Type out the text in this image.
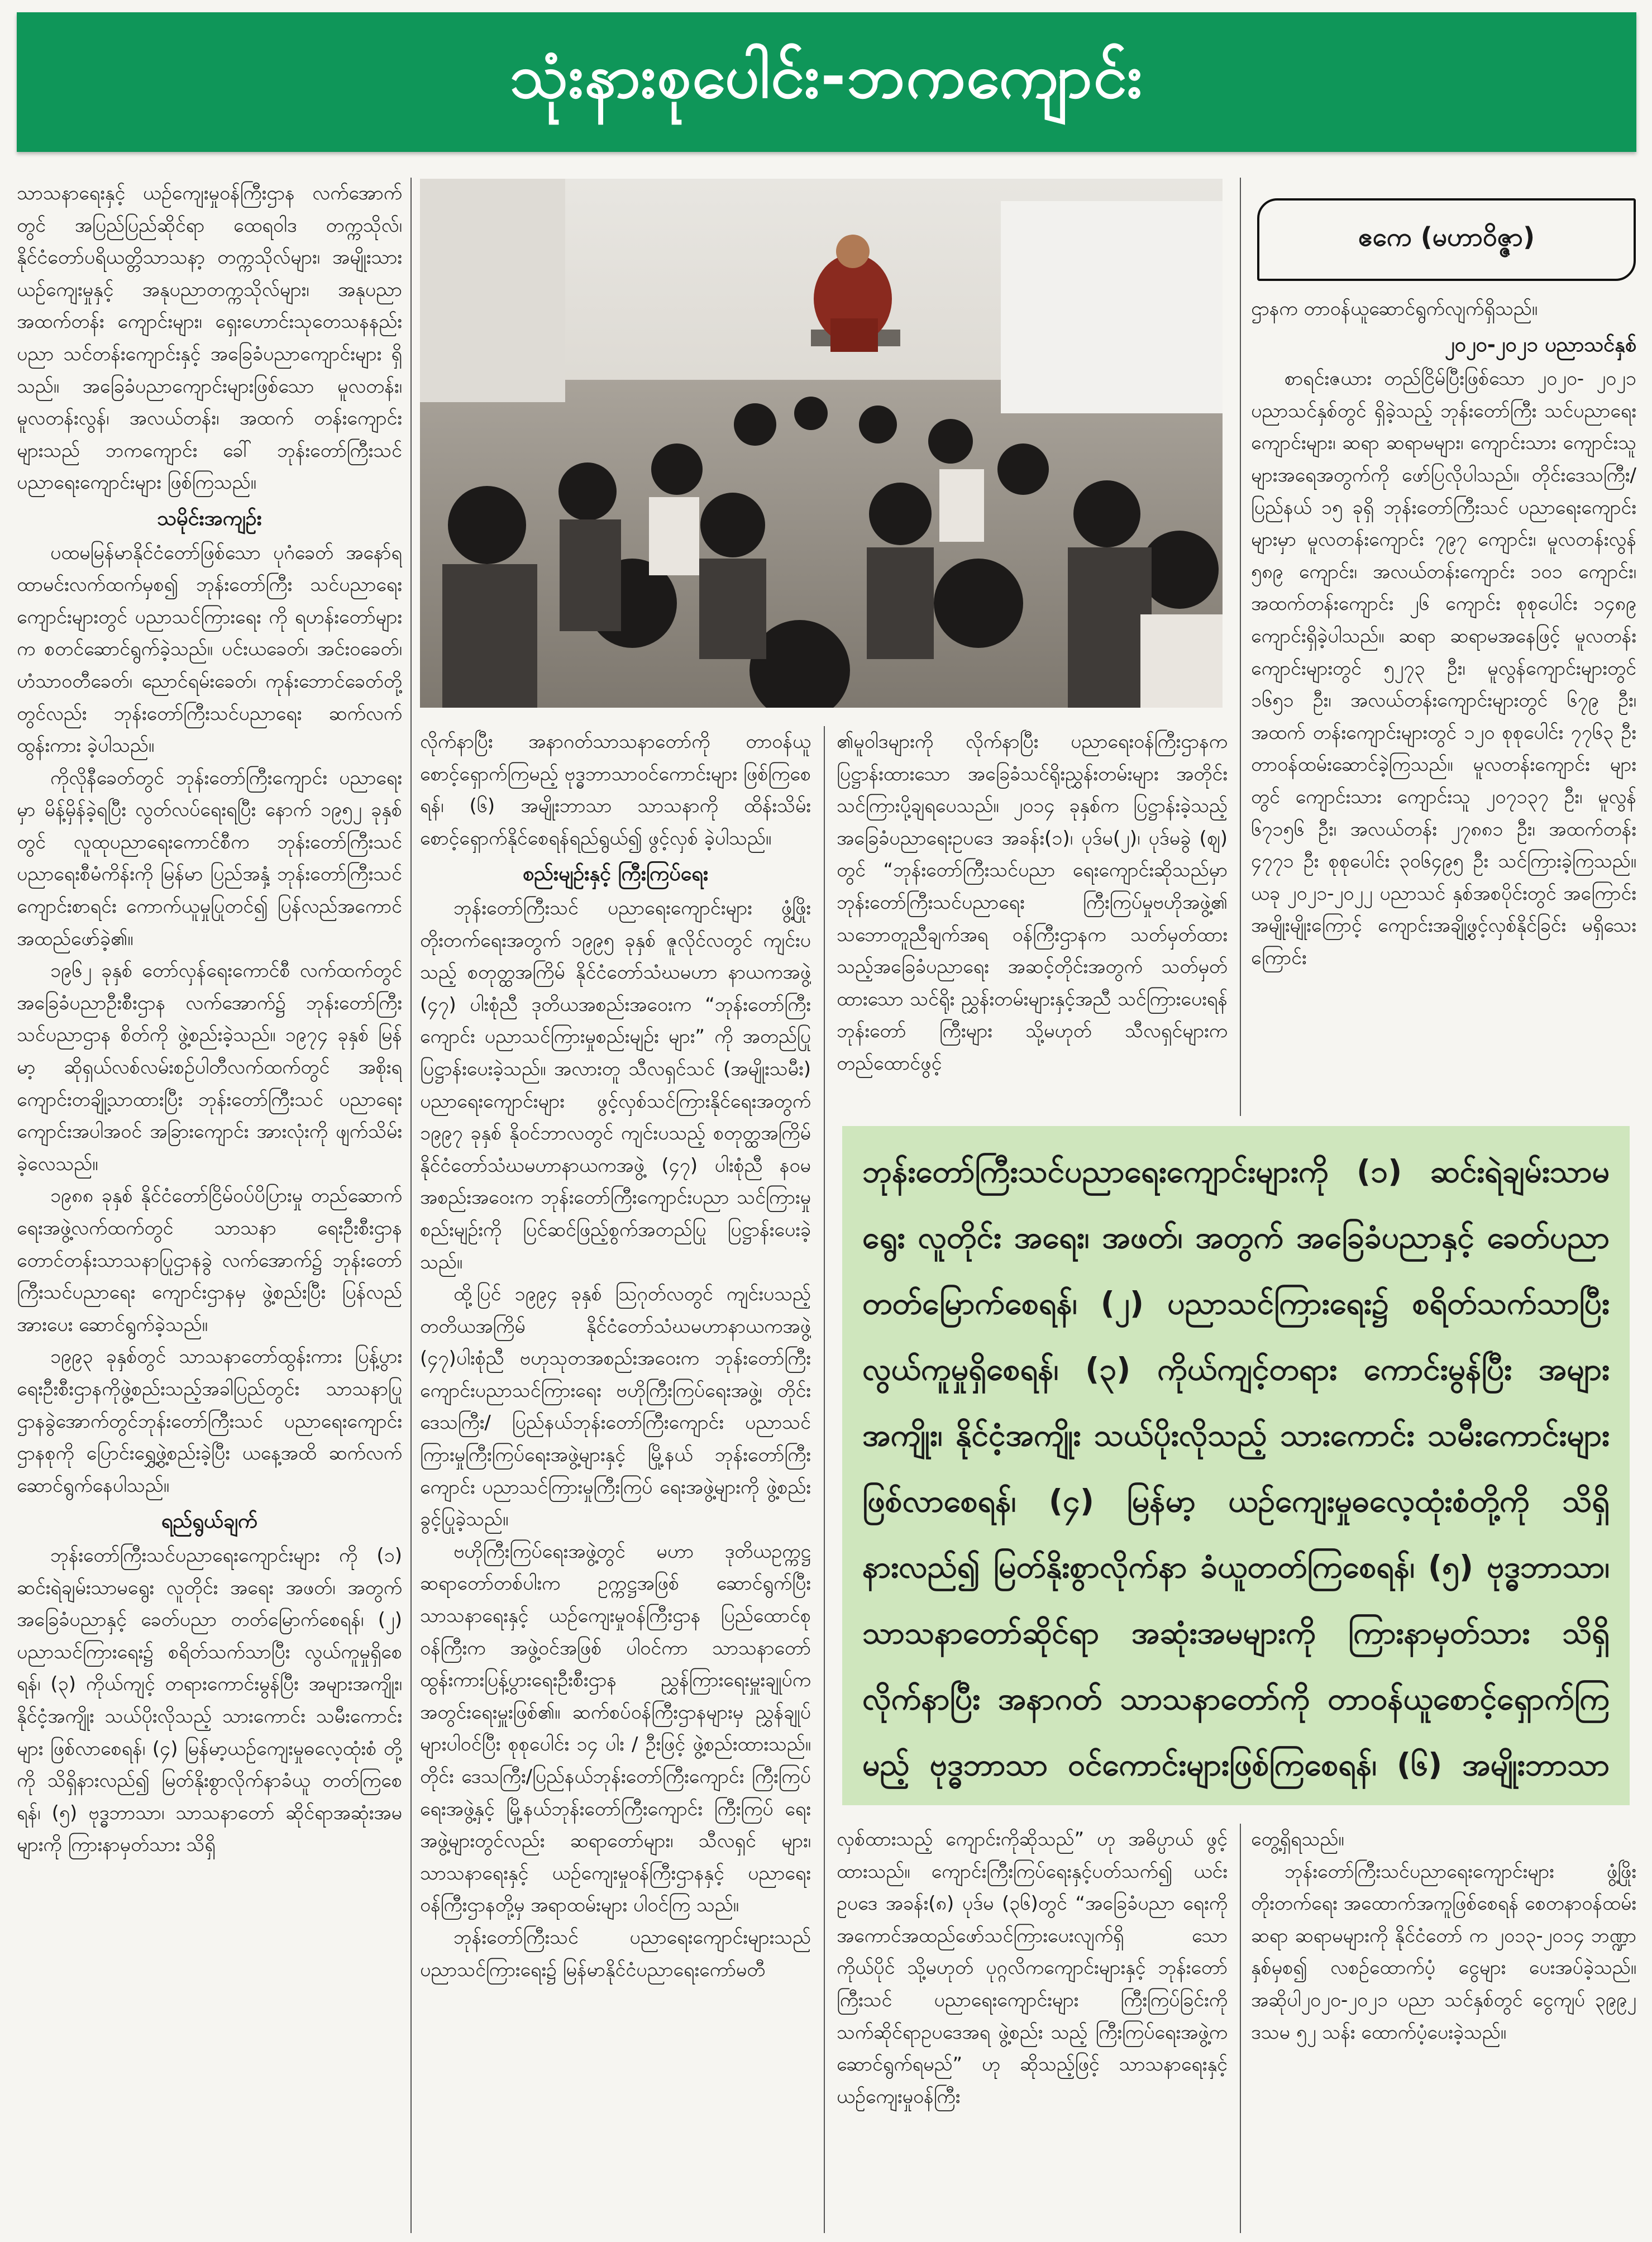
သုံးနားစုပေါင်း-ဘကကျောင်း

သာသနာရေးနှင့် ယဉ်ကျေးမှုဝန်ကြီးဌာန လက်အောက်တွင် အပြည်ပြည်ဆိုင်ရာ ထေရဝါဒ တက္ကသိုလ်၊ နိုင်ငံတော်ပရိယတ္တိသာသနာ့ တက္ကသိုလ်များ၊ အမျိုးသားယဉ်ကျေးမှုနှင့် အနုပညာတက္ကသိုလ်များ၊ အနုပညာအထက်တန်း ကျောင်းများ၊ ရှေးဟောင်းသုတေသနနည်းပညာ သင်တန်းကျောင်းနှင့် အခြေခံပညာကျောင်းများ ရှိသည်။ အခြေခံပညာကျောင်းများဖြစ်သော မူလတန်း၊ မူလတန်းလွန်၊ အလယ်တန်း၊ အထက် တန်းကျောင်းများသည် ဘကကျောင်း ခေါ် ဘုန်းတော်ကြီးသင် ပညာရေးကျောင်းများ ဖြစ်ကြသည်။

သမိုင်းအကျဉ်း

ပထမမြန်မာနိုင်ငံတော်ဖြစ်သော ပုဂံခေတ် အနော်ရထာမင်းလက်ထက်မှစ၍ ဘုန်းတော်ကြီး သင်ပညာရေးကျောင်းများတွင် ပညာသင်ကြားရေး ကို ရဟန်းတော်များက စတင်ဆောင်ရွက်ခဲ့သည်။ ပင်းယခေတ်၊ အင်းဝခေတ်၊ ဟံသာဝတီခေတ်၊ ညောင်ရမ်းခေတ်၊ ကုန်းဘောင်ခေတ်တို့တွင်လည်း ဘုန်းတော်ကြီးသင်ပညာရေး ဆက်လက်ထွန်းကား ခဲ့ပါသည်။

ကိုလိုနီခေတ်တွင် ဘုန်းတော်ကြီးကျောင်း ပညာရေးမှာ မိန့်မှိန်ခဲ့ရပြီး လွတ်လပ်ရေးရပြီး နောက် ၁၉၅၂ ခုနှစ်တွင် လူထုပညာရေးကောင်စီက ဘုန်းတော်ကြီးသင်ပညာရေးစီမံကိန်းကို မြန်မာ ပြည်အနှံ့ ဘုန်းတော်ကြီးသင်ကျောင်းစာရင်း ကောက်ယူမှုပြုတင်၍ ပြန်လည်အကောင် အထည်ဖော်ခဲ့၏။

၁၉၆၂ ခုနှစ် တော်လှန်ရေးကောင်စီ လက်ထက်တွင် အခြေခံပညာဦးစီးဌာန လက်အောက်၌ ဘုန်းတော်ကြီးသင်ပညာဌာန စိတ်ကို ဖွဲ့စည်းခဲ့သည်။ ၁၉၇၄ ခုနှစ် မြန်မာ့ ဆိုရှယ်လစ်လမ်းစဉ်ပါတီလက်ထက်တွင် အစိုးရ ကျောင်းတချို့သာထားပြီး ဘုန်းတော်ကြီးသင် ပညာရေးကျောင်းအပါအဝင် အခြားကျောင်း အားလုံးကို ဖျက်သိမ်းခဲ့လေသည်။

၁၉၈၈ ခုနှစ် နိုင်ငံတော်ငြိမ်ဝပ်ပိပြားမှု တည်ဆောက်ရေးအဖွဲ့လက်ထက်တွင် သာသနာ ရေးဦးစီးဌာန တောင်တန်းသာသနာပြုဌာနခွဲ လက်အောက်၌ ဘုန်းတော်ကြီးသင်ပညာရေး ကျောင်းဌာနမှ ဖွဲ့စည်းပြီး ပြန်လည်အားပေး ဆောင်ရွက်ခဲ့သည်။

၁၉၉၃ ခုနှစ်တွင် သာသနာတော်ထွန်းကား ပြန့်ပွားရေးဦးစီးဌာနကိုဖွဲ့စည်းသည့်အခါပြည်တွင်း သာသနာပြုဌာနခွဲအောက်တွင်ဘုန်းတော်ကြီးသင် ပညာရေးကျောင်းဌာနစုကို ပြောင်းရွှေ့ဖွဲ့စည်းခဲ့ပြီး ယနေ့အထိ ဆက်လက်ဆောင်ရွက်နေပါသည်။

ရည်ရွယ်ချက်

ဘုန်းတော်ကြီးသင်ပညာရေးကျောင်းများ ကို (၁) ဆင်းရဲချမ်းသာမရွေး လူတိုင်း အရေး အဖတ်၊ အတွက် အခြေခံပညာနှင့် ခေတ်ပညာ တတ်မြောက်စေရန်၊ (၂) ပညာသင်ကြားရေး၌ စရိတ်သက်သာပြီး လွယ်ကူမှုရှိစေရန်၊ (၃) ကိုယ်ကျင့် တရားကောင်းမွန်ပြီး အများအကျိုး၊ နိုင်ငံ့အကျိုး သယ်ပိုးလိုသည့် သားကောင်း သမီးကောင်းများ ဖြစ်လာစေရန်၊ (၄) မြန်မာ့ယဉ်ကျေးမှုဓလေ့ထုံးစံ တို့ကို သိရှိနားလည်၍ မြတ်နိုးစွာလိုက်နာခံယူ တတ်ကြစေရန်၊ (၅) ဗုဒ္ဓဘာသာ၊ သာသနာတော် ဆိုင်ရာအဆုံးအမများကို ကြားနာမှတ်သား သိရှိ

လိုက်နာပြီး အနာဂတ်သာသနာတော်ကို တာဝန်ယူ စောင့်ရှောက်ကြမည့် ဗုဒ္ဓဘာသာဝင်ကောင်းများ ဖြစ်ကြစေရန်၊ (၆) အမျိုးဘာသာ သာသနာကို ထိန်းသိမ်း စောင့်ရှောက်နိုင်စေရန်ရည်ရွယ်၍ ဖွင့်လှစ် ခဲ့ပါသည်။

စည်းမျဉ်းနှင့် ကြီးကြပ်ရေး

ဘုန်းတော်ကြီးသင် ပညာရေးကျောင်းများ ဖွံ့ဖြိုးတိုးတက်ရေးအတွက် ၁၉၉၅ ခုနှစ် ဇူလိုင်လတွင် ကျင်းပသည့် စတုတ္ထအကြိမ် နိုင်ငံတော်သံဃမဟာ နာယကအဖွဲ့ (၄၇) ပါးစုံညီ ဒုတိယအစည်းအဝေးက “ဘုန်းတော်ကြီးကျောင်း ပညာသင်ကြားမှုစည်းမျဉ်း များ” ကို အတည်ပြုပြဋ္ဌာန်းပေးခဲ့သည်။ အလားတူ သီလရှင်သင် (အမျိုးသမီး) ပညာရေးကျောင်းများ ဖွင့်လှစ်သင်ကြားနိုင်ရေးအတွက် ၁၉၉၇ ခုနှစ် နိုဝင်ဘာလတွင် ကျင်းပသည့် စတုတ္ထအကြိမ် နိုင်ငံတော်သံဃမဟာနာယကအဖွဲ့ (၄၇) ပါးစုံညီ နဝမအစည်းအဝေးက ဘုန်းတော်ကြီးကျောင်းပညာ သင်ကြားမှုစည်းမျဉ်းကို ပြင်ဆင်ဖြည့်စွက်အတည်ပြု ပြဋ္ဌာန်းပေးခဲ့သည်။

ထို့ပြင် ၁၉၉၄ ခုနှစ် ဩဂုတ်လတွင် ကျင်းပသည့် တတိယအကြိမ် နိုင်ငံတော်သံဃမဟာနာယကအဖွဲ့ (၄၇)ပါးစုံညီ ဗဟုသုတအစည်းအဝေးက ဘုန်းတော်ကြီး ကျောင်းပညာသင်ကြားရေး ဗဟိုကြီးကြပ်ရေးအဖွဲ့၊ တိုင်းဒေသကြီး/ ပြည်နယ်ဘုန်းတော်ကြီးကျောင်း ပညာသင်ကြားမှုကြီးကြပ်ရေးအဖွဲ့များနှင့် မြို့နယ် ဘုန်းတော်ကြီးကျောင်း ပညာသင်ကြားမှုကြီးကြပ် ရေးအဖွဲ့များကို ဖွဲ့စည်းခွင့်ပြုခဲ့သည်။

ဗဟိုကြီးကြပ်ရေးအဖွဲ့တွင် မဟာ ဒုတိယဥက္ကဋ္ဌ ဆရာတော်တစ်ပါးက ဥက္ကဋ္ဌအဖြစ် ဆောင်ရွက်ပြီး သာသနာရေးနှင့် ယဉ်ကျေးမှုဝန်ကြီးဌာန ပြည်ထောင်စုဝန်ကြီးက အဖွဲ့ဝင်အဖြစ် ပါဝင်ကာ သာသနာတော် ထွန်းကားပြန့်ပွားရေးဦးစီးဌာန ညွှန်ကြားရေးမှူးချုပ်က အတွင်းရေးမှူးဖြစ်၏။ ဆက်စပ်ဝန်ကြီးဌာနများမှ ညွှန်ချုပ်များပါဝင်ပြီး စုစုပေါင်း ၁၄ ပါး / ဦးဖြင့် ဖွဲ့စည်းထားသည်။ တိုင်း ဒေသကြီး/ပြည်နယ်ဘုန်းတော်ကြီးကျောင်း ကြီးကြပ် ရေးအဖွဲ့နှင့် မြို့နယ်ဘုန်းတော်ကြီးကျောင်း ကြီးကြပ် ရေးအဖွဲ့များတွင်လည်း ဆရာတော်များ၊ သီလရှင် များ၊ သာသနာရေးနှင့် ယဉ်ကျေးမှုဝန်ကြီးဌာနနှင့် ပညာရေးဝန်ကြီးဌာနတို့မှ အရာထမ်းများ ပါဝင်ကြ သည်။

ဘုန်းတော်ကြီးသင် ပညာရေးကျောင်းများသည် ပညာသင်ကြားရေး၌ မြန်မာနိုင်ငံပညာရေးကော်မတီ

၏မူဝါဒများကို လိုက်နာပြီး ပညာရေးဝန်ကြီးဌာနက ပြဋ္ဌာန်းထားသော အခြေခံသင်ရိုးညွှန်းတမ်းများ အတိုင်း သင်ကြားပို့ချရပေသည်။ ၂၀၁၄ ခုနှစ်က ပြဋ္ဌာန်းခဲ့သည့် အခြေခံပညာရေးဥပဒေ အခန်း(၁)၊ ပုဒ်မ(၂)၊ ပုဒ်မခွဲ (ဈ) တွင် “ဘုန်းတော်ကြီးသင်ပညာ ရေးကျောင်းဆိုသည်မှာ ဘုန်းတော်ကြီးသင်ပညာရေး ကြီးကြပ်မှုဗဟိုအဖွဲ့၏ သဘောတူညီချက်အရ ဝန်ကြီးဌာနက သတ်မှတ်ထားသည့်အခြေခံပညာရေး အဆင့်တိုင်းအတွက် သတ်မှတ်ထားသော သင်ရိုး ညွှန်းတမ်းများနှင့်အညီ သင်ကြားပေးရန် ဘုန်းတော် ကြီးများ သို့မဟုတ် သီလရှင်များက တည်ထောင်ဖွင့်

လှစ်ထားသည့် ကျောင်းကိုဆိုသည်” ဟု အဓိပ္ပာယ် ဖွင့်ထားသည်။ ကျောင်းကြီးကြပ်ရေးနှင့်ပတ်သက်၍ ယင်းဥပဒေ အခန်း(၈) ပုဒ်မ (၃၆)တွင် “အခြေခံပညာ ရေးကို အကောင်အထည်ဖော်သင်ကြားပေးလျက်ရှိ သော ကိုယ်ပိုင် သို့မဟုတ် ပုဂ္ဂလိကကျောင်းများနှင့် ဘုန်းတော်ကြီးသင် ပညာရေးကျောင်းများ ကြီးကြပ်ခြင်းကို သက်ဆိုင်ရာဥပဒေအရ ဖွဲ့စည်း သည့် ကြီးကြပ်ရေးအဖွဲ့က ဆောင်ရွက်ရမည်” ဟု ဆိုသည့်ဖြင့် သာသနာရေးနှင့် ယဉ်ကျေးမှုဝန်ကြီး

ဧကေ (မဟာဝိဇ္ဇာ)

ဌာနက တာဝန်ယူဆောင်ရွက်လျက်ရှိသည်။

၂၀၂၀-၂၀၂၁ ပညာသင်နှစ်

စာရင်းဇယား တည်ငြိမ်ပြီးဖြစ်သော ၂၀၂၀- ၂၀၂၁ ပညာသင်နှစ်တွင် ရှိခဲ့သည့် ဘုန်းတော်ကြီး သင်ပညာရေးကျောင်းများ၊ ဆရာ ဆရာမများ၊ ကျောင်းသား ကျောင်းသူများအရေအတွက်ကို ဖော်ပြလိုပါသည်။ တိုင်းဒေသကြီး/ ပြည်နယ် ၁၅ ခုရှိ ဘုန်းတော်ကြီးသင် ပညာရေးကျောင်းများမှာ မူလတန်းကျောင်း ၇၉၇ ကျောင်း၊ မူလတန်းလွန် ၅၈၉ ကျောင်း၊ အလယ်တန်းကျောင်း ၁၀၁ ကျောင်း၊ အထက်တန်းကျောင်း ၂၆ ကျောင်း စုစုပေါင်း ၁၄၈၉ ကျောင်းရှိခဲ့ပါသည်။ ဆရာ ဆရာမအနေဖြင့် မူလတန်းကျောင်းများတွင် ၅၂၇၃ ဦး၊ မူလွန်ကျောင်းများတွင် ၁၆၅၁ ဦး၊ အလယ်တန်းကျောင်းများတွင် ၆၇၉ ဦး၊ အထက် တန်းကျောင်းများတွင် ၁၂၀ စုစုပေါင်း ၇၇၆၃ ဦး တာဝန်ထမ်းဆောင်ခဲ့ကြသည်။ မူလတန်းကျောင်း များတွင် ကျောင်းသား ကျောင်းသူ ၂၀၇၁၃၇ ဦး၊ မူလွန် ၆၇၁၅၆ ဦး၊ အလယ်တန်း ၂၇၈၈၁ ဦး၊ အထက်တန်း ၄၇၇၁ ဦး စုစုပေါင်း ၃၀၆၄၉၅ ဦး သင်ကြားခဲ့ကြသည်။ ယခု ၂၀၂၁-၂၀၂၂ ပညာသင် နှစ်အစပိုင်းတွင် အကြောင်းအမျိုးမျိုးကြောင့် ကျောင်းအချို့ဖွင့်လှစ်နိုင်ခြင်း မရှိသေးကြောင်း

တွေ့ရှိရသည်။

ဘုန်းတော်ကြီးသင်ပညာရေးကျောင်းများ ဖွံ့ဖြိုးတိုးတက်ရေး အထောက်အကူဖြစ်စေရန် စေတနာဝန်ထမ်း ဆရာ ဆရာမများကို နိုင်ငံတော် က ၂၀၁၃-၂၀၁၄ ဘဏ္ဍာနှစ်မှစ၍ လစဉ်ထောက်ပံ့ ငွေများ ပေးအပ်ခဲ့သည်။ အဆိုပါ၂၀၂၀-၂၀၂၁ ပညာ သင်နှစ်တွင် ငွေကျပ် ၃၉၉၂ ဒသမ ၅၂ သန်း ထောက်ပံ့ပေးခဲ့သည်။

ဘုန်းတော်ကြီးသင်ပညာရေးကျောင်းများကို (၁) ဆင်းရဲချမ်းသာမရွေး လူတိုင်း အရေး၊ အဖတ်၊ အတွက် အခြေခံပညာနှင့် ခေတ်ပညာ တတ်မြောက်စေရန်၊ (၂) ပညာသင်ကြားရေး၌ စရိတ်သက်သာပြီး လွယ်ကူမှုရှိစေရန်၊ (၃) ကိုယ်ကျင့်တရား ကောင်းမွန်ပြီး အများအကျိုး၊ နိုင်ငံ့အကျိုး သယ်ပိုးလိုသည့် သားကောင်း သမီးကောင်းများ ဖြစ်လာစေရန်၊ (၄) မြန်မာ့ ယဉ်ကျေးမှုဓလေ့ထုံးစံတို့ကို သိရှိနားလည်၍ မြတ်နိုးစွာလိုက်နာ ခံယူတတ်ကြစေရန်၊ (၅) ဗုဒ္ဓဘာသာ၊ သာသနာတော်ဆိုင်ရာ အဆုံးအမများကို ကြားနာမှတ်သား သိရှိလိုက်နာပြီး အနာဂတ် သာသနာတော်ကို တာဝန်ယူစောင့်ရှောက်ကြမည့် ဗုဒ္ဓဘာသာ ဝင်ကောင်းများဖြစ်ကြစေရန်၊ (၆) အမျိုးဘာသာ
